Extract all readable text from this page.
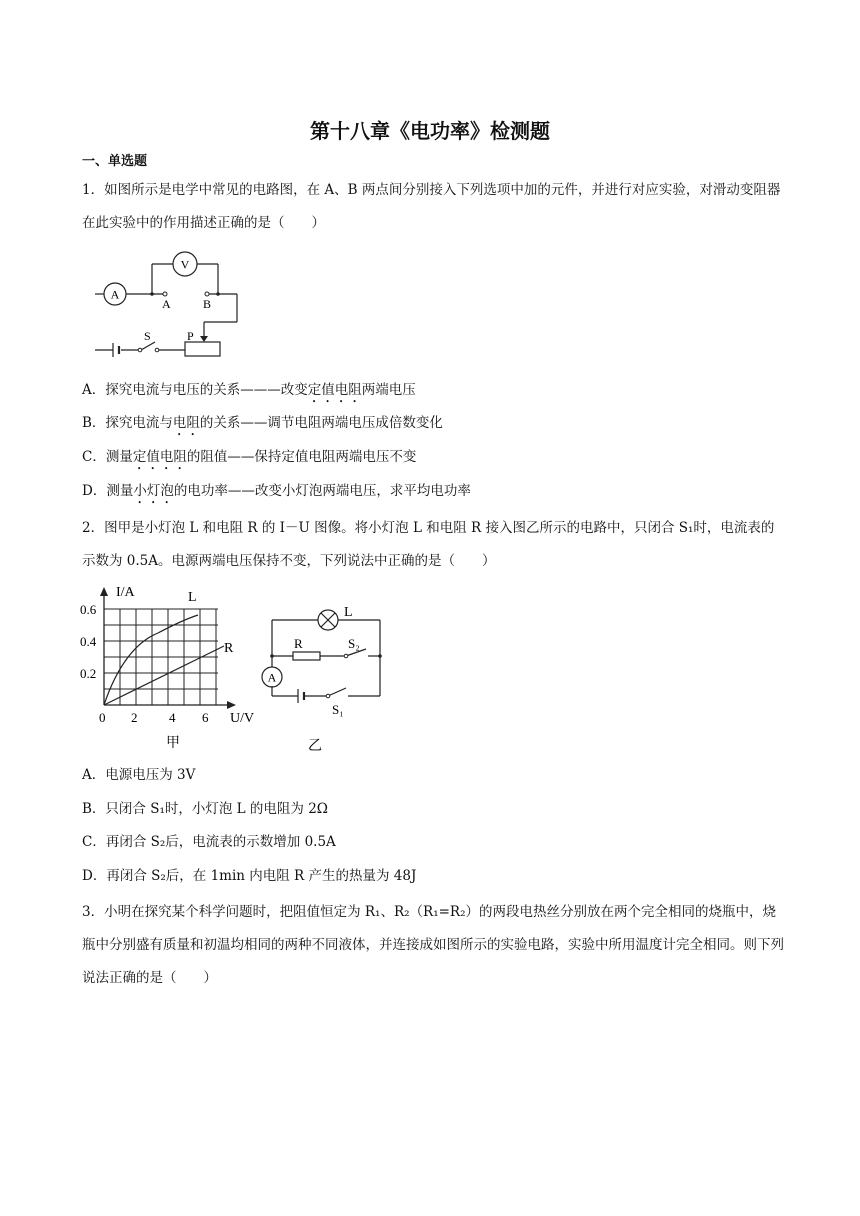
第十八章《电功率》检测题
一、单选题
1．如图所示是电学中常见的电路图，在 A、B 两点间分别接入下列选项中加的元件，并进行对应实验，对滑动变阻器在此实验中的作用描述正确的是（　　）
A
V
A	B
S	P
A．探究电流与电压的关系———改变定值电阻两端电压
B．探究电流与电阻的关系——调节电阻两端电压成倍数变化
C．测量定值电阻的阻值——保持定值电阻两端电压不变
D．测量小灯泡的电功率——改变小灯泡两端电压，求平均电功率
2．图甲是小灯泡 L 和电阻 R 的 I－U 图像。将小灯泡 L 和电阻 R 接入图乙所示的电路中，只闭合 S₁时，电流表的示数为 0.5A。电源两端电压保持不变，下列说法中正确的是（　　）
I/A
U/V
L
R
0.6
0.4
0.2
0 2 4 6
甲
L
R	S₂
A
S₁
乙
A．电源电压为 3V
B．只闭合 S₁时，小灯泡 L 的电阻为 2Ω
C．再闭合 S₂后，电流表的示数增加 0.5A
D．再闭合 S₂后，在 1min 内电阻 R 产生的热量为 48J
3．小明在探究某个科学问题时，把阻值恒定为 R₁、R₂（R₁=R₂）的两段电热丝分别放在两个完全相同的烧瓶中，烧瓶中分别盛有质量和初温均相同的两种不同液体，并连接成如图所示的实验电路，实验中所用温度计完全相同。则下列说法正确的是（　　）
